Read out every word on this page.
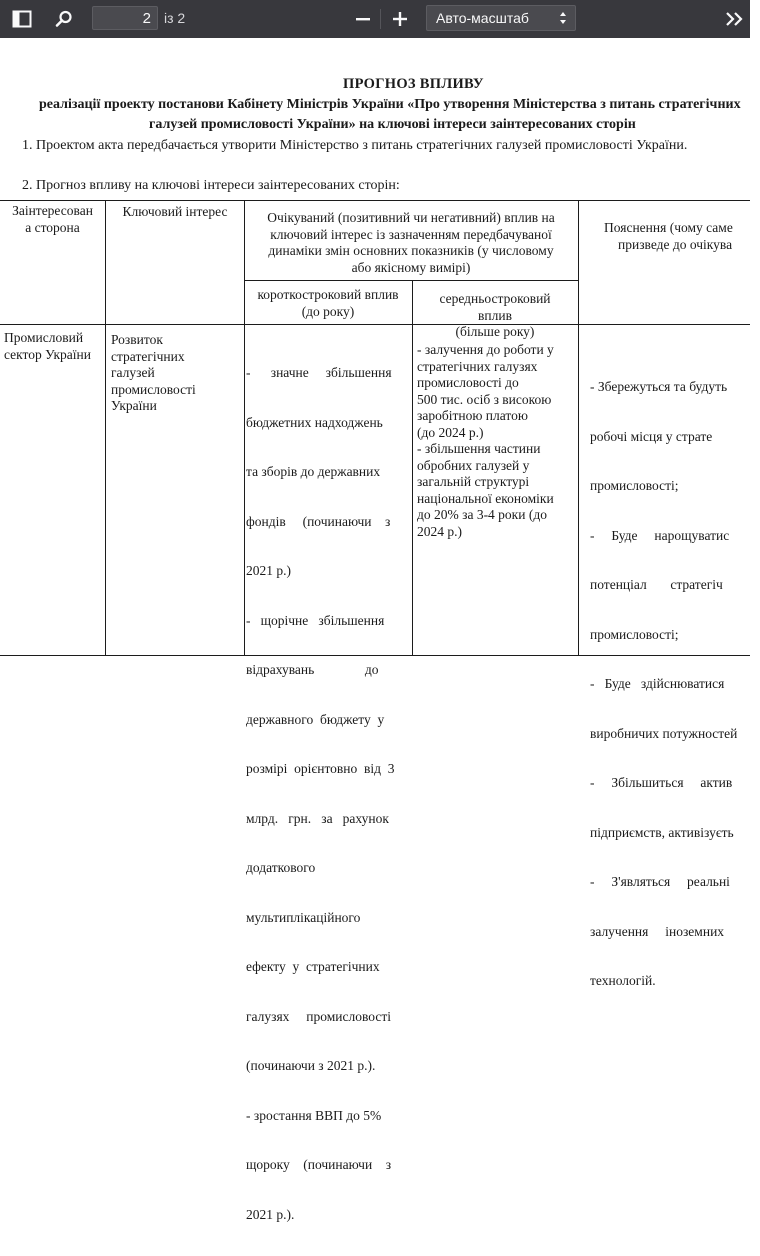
2
із 2	Авто-масштаб
ПРОГНОЗ ВПЛИВУ
реалізації проекту постанови Кабінету Міністрів України «Про утворення Міністерства з питань стратегічних
галузей промисловості України» на ключові інтереси заінтересованих сторін
1. Проектом акта передбачається утворити Міністерство з питань стратегічних галузей промисловості України.
2. Прогноз впливу на ключові інтереси заінтересованих сторін:
Заінтересован
а сторона
Ключовий інтерес	Очікуваний (позитивний чи негативний) вплив на
ключовий інтерес із зазначенням передбачуваної
динаміки змін основних показників (у числовому
або якісному вимірі)
Пояснення (чому саме
призведе до очікува
короткостроковий вплив
(до року)
середньостроковий
вплив
(більше року)
Промисловий
сектор України
Розвиток
стратегічних
галузей
промисловості
України

-      значне     збільшення

бюджетних надходжень

та зборів до державних

фондів     (починаючи    з

2021 р.)

-   щорічне   збільшення

відрахувань               до

державного  бюджету  у

розмірі  орієнтовно  від  3

млрд.   грн.   за   рахунок

додаткового

мультиплікаційного

ефекту  у  стратегічних

галузях     промисловості

(починаючи з 2021 р.).

- зростання ВВП до 5%

щороку    (починаючи    з

2021 р.).

- залучення до роботи у
стратегічних галузях
промисловості до
500 тис. осіб з високою
заробітною платою
(до 2024 р.)
- збільшення частини
обробних галузей у
загальній структурі
національної економіки
до 20% за 3-4 роки (до
2024 р.)

- Збережуться та будуть

робочі місця у страте

промисловості;

-     Буде     нарощуватис

потенціал       стратегіч

промисловості;

-   Буде   здійснюватися

виробничих потужностей

-     Збільшиться     актив

підприємств, активізуєть

-     З'являться     реальні

залучення     іноземних

технологій.
